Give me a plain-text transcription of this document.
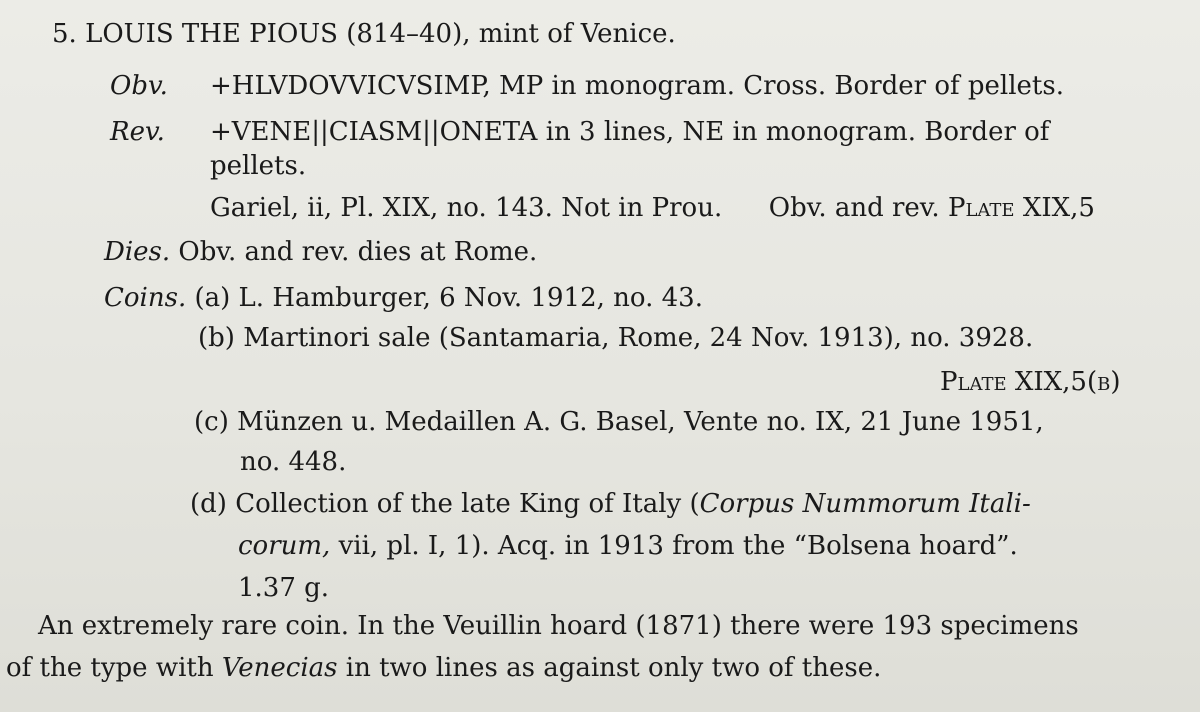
5. LOUIS THE PIOUS (814–40), mint of Venice.
Obv. +HLVDOVVICVSIMP, MP in monogram. Cross. Border of pellets.
Rev. +VENE||CIASM||ONETA in 3 lines, NE in monogram. Border of
pellets.
Gariel, ii, Pl. XIX, no. 143. Not in Prou. Obv. and rev. Plate XIX,5
Dies. Obv. and rev. dies at Rome.
Coins. (a) L. Hamburger, 6 Nov. 1912, no. 43.
(b) Martinori sale (Santamaria, Rome, 24 Nov. 1913), no. 3928.
Plate XIX,5(b)
(c) Münzen u. Medaillen A. G. Basel, Vente no. IX, 21 June 1951,
no. 448.
(d) Collection of the late King of Italy (Corpus Nummorum Itali-
corum, vii, pl. I, 1). Acq. in 1913 from the “Bolsena hoard”.
1.37 g.
An extremely rare coin. In the Veuillin hoard (1871) there were 193 specimens
of the type with Venecias in two lines as against only two of these.
